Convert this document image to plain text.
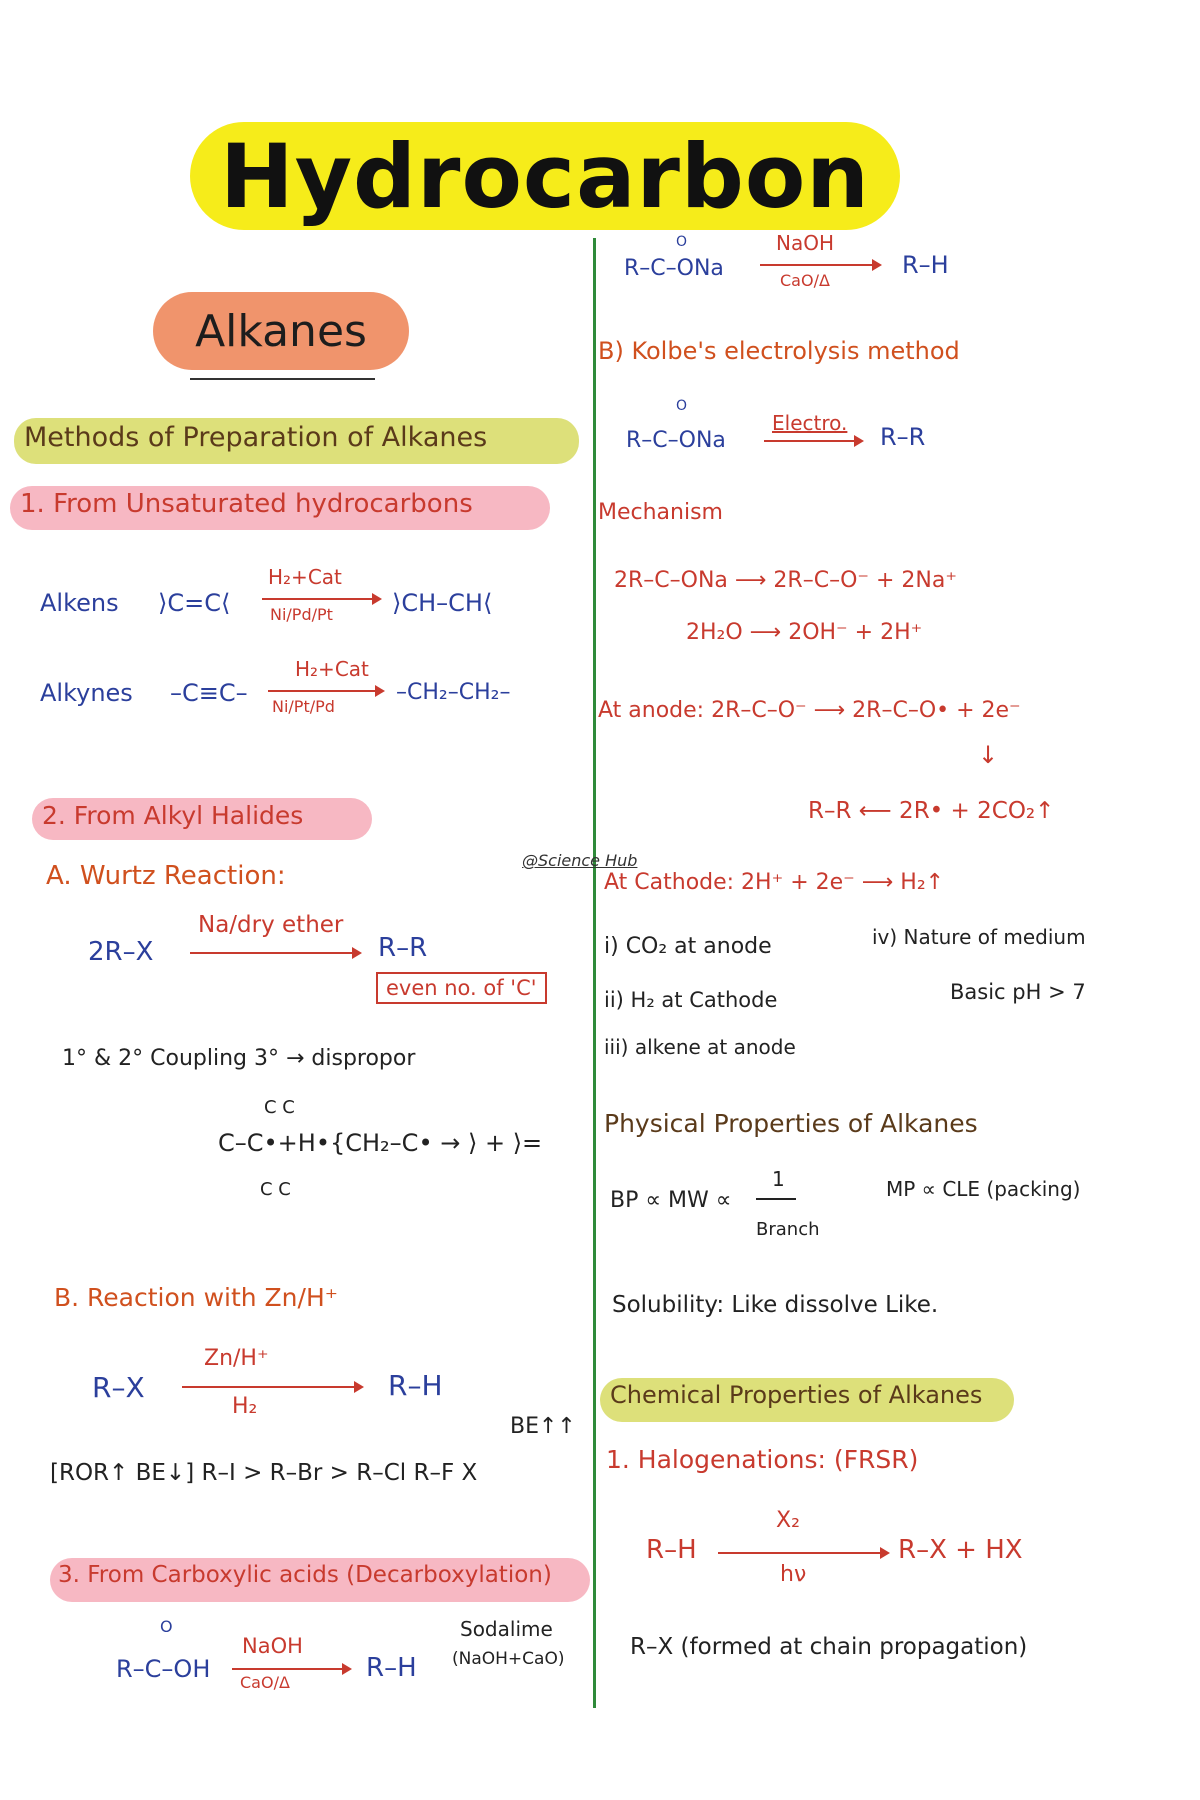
Hydrocarbon
Alkanes
Methods of Preparation of Alkanes
1. From Unsaturated hydrocarbons
Alkens ⟩C=C⟨
H₂+Cat
Ni/Pd/Pt ⟩CH–CH⟨
Alkynes –C≡C–
H₂+Cat
Ni/Pt/Pd
–CH₂–CH₂–
2. From Alkyl Halides
A. Wurtz Reaction:
2R–X
Na/dry ether
R–R
even no. of 'C'
1° & 2° Coupling 3° → dispropor
C C
C–C•+H•{CH₂–C• → ⟩ + ⟩=
C C
B. Reaction with Zn/H⁺
R–X
Zn/H⁺
H₂
R–H
BE↑↑
[ROR↑ BE↓] R–I > R–Br > R–Cl R–F X
3. From Carboxylic acids (Decarboxylation)
O
R–C–OH
NaOH
CaO/Δ	R–H
Sodalime
(NaOH+CaO)
O
R–C–ONa
NaOH
CaO/Δ
R–H
B) Kolbe's electrolysis method
O
R–C–ONa
Electro. R–R
Mechanism
2R–C–ONa ⟶ 2R–C–O⁻ + 2Na⁺
2H₂O ⟶ 2OH⁻ + 2H⁺
At anode: 2R–C–O⁻ ⟶ 2R–C–O• + 2e⁻
↓
R–R ⟵ 2R• + 2CO₂↑
@Science Hub
At Cathode: 2H⁺ + 2e⁻ ⟶ H₂↑
i) CO₂ at anode
ii) H₂ at Cathode
iii) alkene at anode
iv) Nature of medium
Basic pH > 7
Physical Properties of Alkanes
BP ∝ MW ∝
1
Branch
MP ∝ CLE (packing)
Solubility: Like dissolve Like.
Chemical Properties of Alkanes
1. Halogenations: (FRSR)
R–H
X₂
hν
R–X + HX
R–X (formed at chain propagation)
